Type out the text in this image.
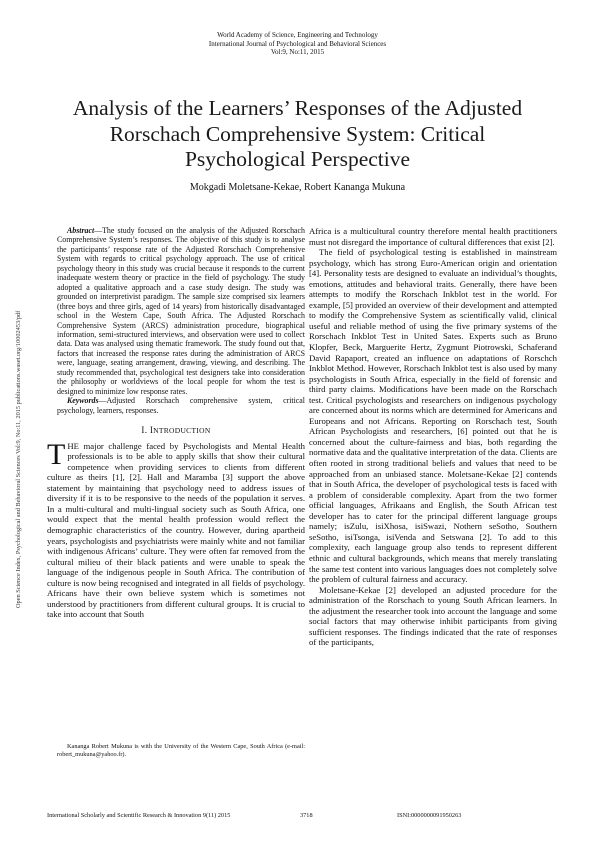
World Academy of Science, Engineering and Technology
International Journal of Psychological and Behavioral Sciences
Vol:9, No:11, 2015
Analysis of the Learners’ Responses of the Adjusted
Rorschach Comprehensive System: Critical
Psychological Perspective
Mokgadi Moletsane-Kekae, Robert Kananga Mukuna
Open Science Index, Psychological and Behavioral Sciences Vol:9, No:11, 2015 publications.waset.org/10002453/pdf

Abstract—The study focused on the analysis of the Adjusted Rorschach Comprehensive System’s responses. The objective of this study is to analyse the participants’ response rate of the Adjusted Rorschach Comprehensive System with regards to critical psychology approach. The use of critical psychology theory in this study was crucial because it responds to the current inadequate western theory or practice in the field of psychology. The study adopted a qualitative approach and a case study design. The study was grounded on interpretivist paradigm. The sample size comprised six learners (three boys and three girls, aged of 14 years) from historically disadvantaged school in the Western Cape, South Africa. The Adjusted Rorschach Comprehensive System (ARCS) administration procedure, biographical information, semi-structured interviews, and observation were used to collect data. Data was analysed using thematic framework. The study found out that, factors that increased the response rates during the administration of ARCS were, language, seating arrangement, drawing, viewing, and describing. The study recommended that, psychological test designers take into consideration the philosophy or worldviews of the local people for whom the test is designed to minimize low response rates.

Keywords—Adjusted Rorschach comprehensive system, critical psychology, learners, responses.

I. INTRODUCTION

THE major challenge faced by Psychologists and Mental Health professionals is to be able to apply skills that show their cultural competence when providing services to clients from different culture as theirs [1], [2]. Hall and Maramba [3] support the above statement by maintaining that psychology need to address issues of diversity if it is to be responsive to the needs of the population it serves. In a multi-cultural and multi-lingual society such as South Africa, one would expect that the mental health profession would reflect the demographic characteristics of the country. However, during apartheid years, psychologists and psychiatrists were mainly white and not familiar with indigenous Africans’ culture. They were often far removed from the cultural milieu of their black patients and were unable to speak the language of the indigenous people in South Africa. The contribution of culture is now being recognised and integrated in all fields of psychology. Africans have their own believe system which is sometimes not understood by practitioners from different cultural groups. It is crucial to take into account that South

Kananga Robert Mukuna is with the University of the Western Cape, South Africa (e-mail: robert_mukuna@yahoo.fr).

Africa is a multicultural country therefore mental health practitioners must not disregard the importance of cultural differences that exist [2].

The field of psychological testing is established in mainstream psychology, which has strong Euro-American origin and orientation [4]. Personality tests are designed to evaluate an individual’s thoughts, emotions, attitudes and behavioral traits. Generally, there have been attempts to modify the Rorschach Inkblot test in the world. For example, [5] provided an overview of their development and attempted to modify the Comprehensive System as scientifically valid, clinical useful and reliable method of using the five primary systems of the Rorschach Inkblot Test in United Sates. Experts such as Bruno Klopfer, Beck, Marguerite Hertz, Zygmunt Piotrowski, Schaferand David Rapaport, created an influence on adaptations of Rorschch Inkblot Method. However, Rorschach Inkblot test is also used by many psychologists in South Africa, especially in the field of forensic and third party claims. Modifications have been made on the Rorschach test. Critical psychologists and researchers on indigenous psychology are concerned about its norms which are determined for Americans and Europeans and not Africans. Reporting on Rorschach test, South African Psychologists and researchers, [6] pointed out that he is concerned about the culture-fairness and bias, both regarding the normative data and the qualitative interpretation of the data. Clients are often rooted in strong traditional beliefs and values that need to be approached from an unbiased stance. Moletsane-Kekae [2] contends that in South Africa, the developer of psychological tests is faced with a problem of considerable complexity. Apart from the two former official languages, Afrikaans and English, the South African test developer has to cater for the principal different language groups namely; isZulu, isiXhosa, isiSwazi, Nothern seSotho, Southern seSotho, isiTsonga, isiVenda and Setswana [2]. To add to this complexity, each language group also tends to represent different ethnic and cultural backgrounds, which means that merely translating the same test content into various languages does not completely solve the problem of cultural fairness and accuracy.

Moletsane-Kekae [2] developed an adjusted procedure for the administration of the Rorschach to young South African learners. In the adjustment the researcher took into account the language and some social factors that may otherwise inhibit participants from giving sufficient responses. The findings indicated that the rate of responses of the participants,

International Scholarly and Scientific Research & Innovation 9(11) 2015	3718	ISNI:0000000091950263
